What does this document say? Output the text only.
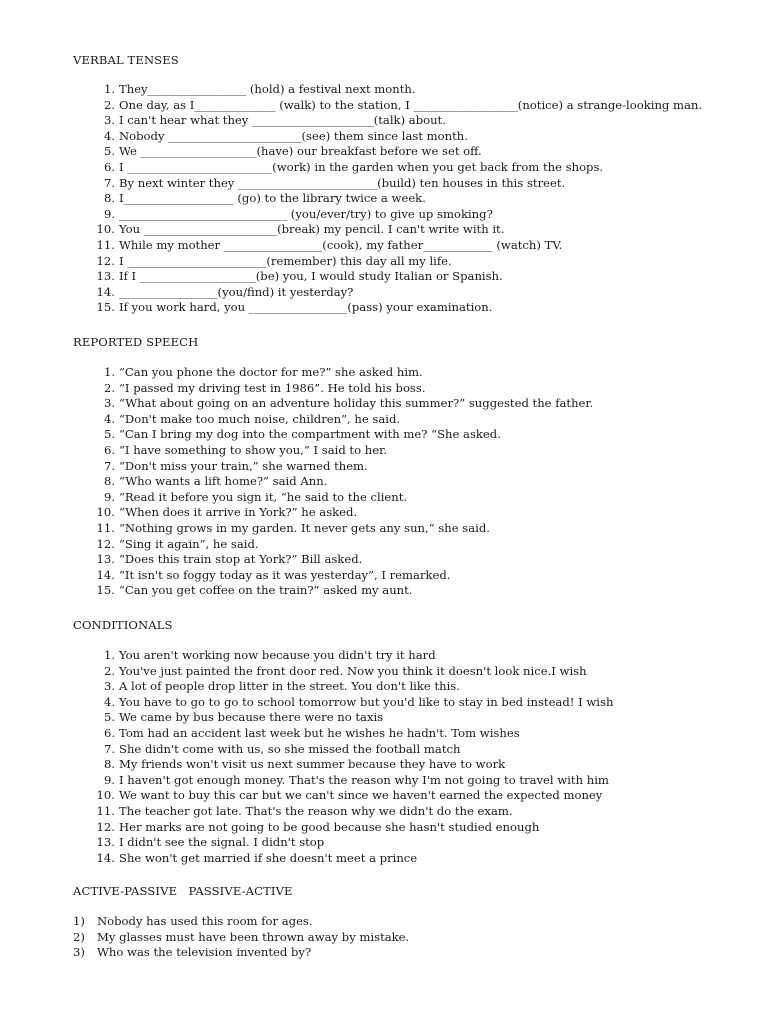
VERBAL TENSES
1. They_________________ (hold) a festival next month.
2. One day, as I______________ (walk) to the station, I __________________(notice) a strange-looking man.
3. I can't hear what they _____________________(talk) about.
4. Nobody _______________________(see) them since last month.
5. We ____________________(have) our breakfast before we set off.
6. I _________________________(work) in the garden when you get back from the shops.
7. By next winter they ________________________(build) ten houses in this street.
8. I___________________ (go) to the library twice a week.
9. _____________________________ (you/ever/try) to give up smoking?
10. You _______________________(break) my pencil. I can't write with it.
11. While my mother _________________(cook), my father____________ (watch) TV.
12. I ________________________(remember) this day all my life.
13. If I ____________________(be) you, I would study Italian or Spanish.
14. _________________(you/find) it yesterday?
15. If you work hard, you _________________(pass) your examination.
REPORTED SPEECH
1. “Can you phone the doctor for me?” she asked him.
2. “I passed my driving test in 1986”. He told his boss.
3. “What about going on an adventure holiday this summer?” suggested the father.
4. “Don't make too much noise, children”, he said.
5. “Can I bring my dog into the compartment with me? “She asked.
6. “I have something to show you,” I said to her.
7. “Don't miss your train,” she warned them.
8. “Who wants a lift home?” said Ann.
9. “Read it before you sign it, “he said to the client.
10. “When does it arrive in York?” he asked.
11. “Nothing grows in my garden. It never gets any sun,” she said.
12. “Sing it again”, he said.
13. “Does this train stop at York?” Bill asked.
14. “It isn't so foggy today as it was yesterday”, I remarked.
15. “Can you get coffee on the train?” asked my aunt.
CONDITIONALS
1. You aren't working now because you didn't try it hard
2. You've just painted the front door red. Now you think it doesn't look nice.I wish
3. A lot of people drop litter in the street. You don't like this.
4. You have to go to go to school tomorrow but you'd like to stay in bed instead! I wish
5. We came by bus because there were no taxis
6. Tom had an accident last week but he wishes he hadn't. Tom wishes
7. She didn't come with us, so she missed the football match
8. My friends won't visit us next summer because they have to work
9. I haven't got enough money. That's the reason why I'm not going to travel with him
10. We want to buy this car but we can't since we haven't earned the expected money
11. The teacher got late. That's the reason why we didn't do the exam.
12. Her marks are not going to be good because she hasn't studied enough
13. I didn't see the signal. I didn't stop
14. She won't get married if she doesn't meet a prince
ACTIVE-PASSIVE   PASSIVE-ACTIVE
1)	Nobody has used this room for ages.
2)	My glasses must have been thrown away by mistake.
3)	Who was the television invented by?
